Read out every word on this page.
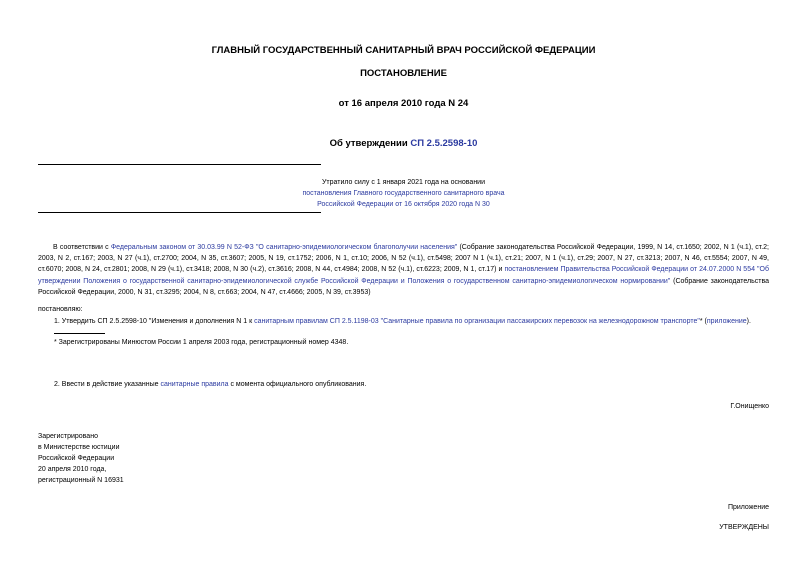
ГЛАВНЫЙ ГОСУДАРСТВЕННЫЙ САНИТАРНЫЙ ВРАЧ РОССИЙСКОЙ ФЕДЕРАЦИИ
ПОСТАНОВЛЕНИЕ
от 16 апреля 2010 года N 24
Об утверждении СП 2.5.2598-10
Утратило силу с 1 января 2021 года на основании
постановления Главного государственного санитарного врача
Российской Федерации от 16 октября 2020 года N 30
В соответствии с Федеральным законом от 30.03.99 N 52-ФЗ "О санитарно-эпидемиологическом благополучии населения" (Собрание законодательства Российской Федерации, 1999, N 14, ст.1650; 2002, N 1 (ч.1), ст.2; 2003, N 2, ст.167; 2003, N 27 (ч.1), ст.2700; 2004, N 35, ст.3607; 2005, N 19, ст.1752; 2006, N 1, ст.10; 2006, N 52 (ч.1), ст.5498; 2007 N 1 (ч.1), ст.21; 2007, N 1 (ч.1), ст.29; 2007, N 27, ст.3213; 2007, N 46, ст.5554; 2007, N 49, ст.6070; 2008, N 24, ст.2801; 2008, N 29 (ч.1), ст.3418; 2008, N 30 (ч.2), ст.3616; 2008, N 44, ст.4984; 2008, N 52 (ч.1), ст.6223; 2009, N 1, ст.17) и постановлением Правительства Российской Федерации от 24.07.2000 N 554 "Об утверждении Положения о государственной санитарно-эпидемиологической службе Российской Федерации и Положения о государственном санитарно-эпидемиологическом нормировании" (Собрание законодательства Российской Федерации, 2000, N 31, ст.3295; 2004, N 8, ст.663; 2004, N 47, ст.4666; 2005, N 39, ст.3953)
постановляю:
1. Утвердить СП 2.5.2598-10 "Изменения и дополнения N 1 к санитарным правилам СП 2.5.1198-03 "Санитарные правила по организации пассажирских перевозок на железнодорожном транспорте"* (приложение).
* Зарегистрированы Минюстом России 1 апреля 2003 года, регистрационный номер 4348.
2. Ввести в действие указанные санитарные правила с момента официального опубликования.
Г.Онищенко
Зарегистрировано
в Министерстве юстиции
Российской Федерации
20 апреля 2010 года,
регистрационный N 16931
Приложение
УТВЕРЖДЕНЫ
